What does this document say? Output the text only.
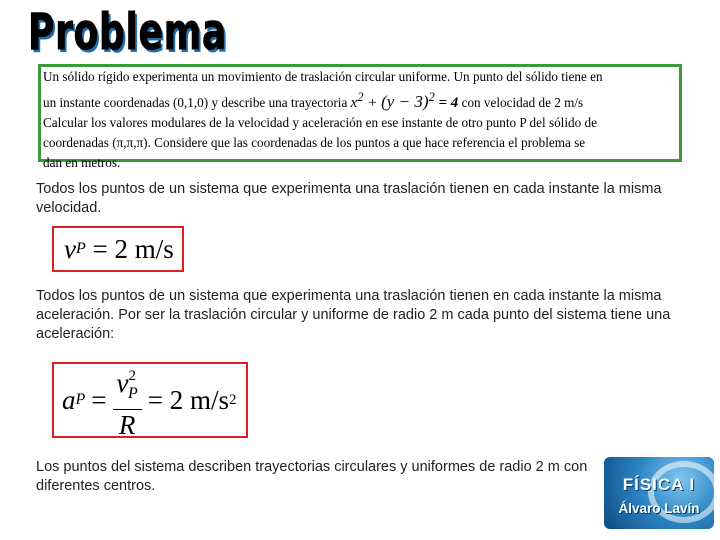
Problema
Un sólido rígido experimenta un movimiento de traslación circular uniforme. Un punto del sólido tiene en
un instante coordenadas (0,1,0) y describe una trayectoria $x^2 + (y - 3)^2 = 4$ con velocidad de 2 m/s
Calcular los valores modulares de la velocidad y aceleración en ese instante de otro punto P del sólido de
coordenadas (π,π,π). Considere que las coordenadas de los puntos a que hace referencia el problema se
dan en metros.
Todos los puntos de un sistema que experimenta una traslación tienen en cada instante la misma velocidad.
v P
= 2 m/s
Todos los puntos de un sistema que experimenta una traslación tienen en cada instante la misma aceleración. Por ser la traslación circular y uniforme de radio 2 m cada punto del sistema tiene una aceleración:
a $P = \frac{v^2_P}{R} = 2$ m/s 2
Los puntos del sistema describen trayectorias circulares y uniformes de radio 2 m con diferentes centros.	FÍSICA I
Álvaro Lavín
